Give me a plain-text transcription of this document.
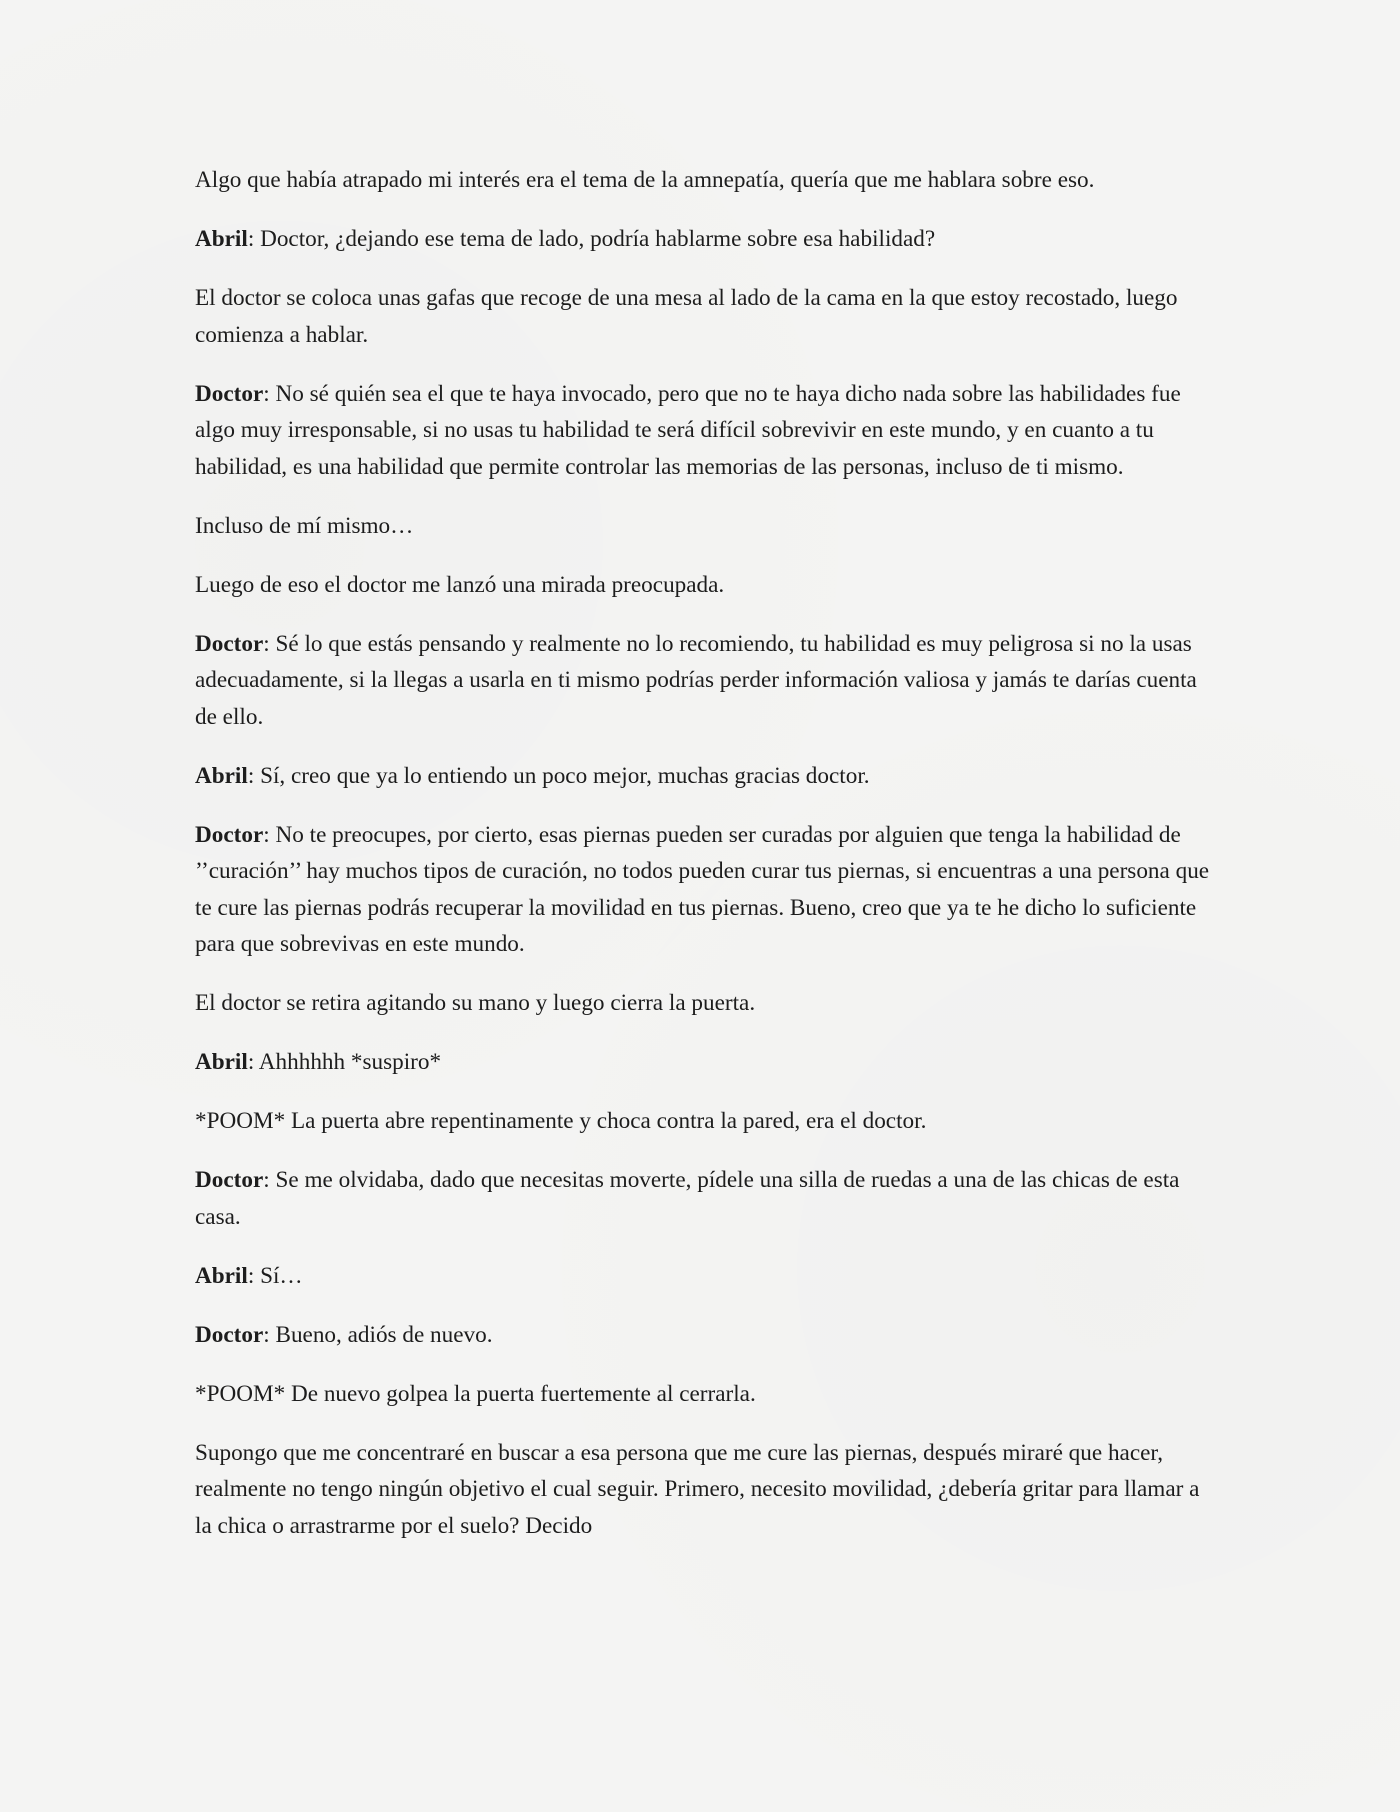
Algo que había atrapado mi interés era el tema de la amnepatía, quería que me hablara sobre eso.

Abril: Doctor, ¿dejando ese tema de lado, podría hablarme sobre esa habilidad?

El doctor se coloca unas gafas que recoge de una mesa al lado de la cama en la que estoy recostado, luego comienza a hablar.

Doctor: No sé quién sea el que te haya invocado, pero que no te haya dicho nada sobre las habilidades fue algo muy irresponsable, si no usas tu habilidad te será difícil sobrevivir en este mundo, y en cuanto a tu habilidad, es una habilidad que permite controlar las memorias de las personas, incluso de ti mismo.

Incluso de mí mismo…

Luego de eso el doctor me lanzó una mirada preocupada.

Doctor: Sé lo que estás pensando y realmente no lo recomiendo, tu habilidad es muy peligrosa si no la usas adecuadamente, si la llegas a usarla en ti mismo podrías perder información valiosa y jamás te darías cuenta de ello.

Abril: Sí, creo que ya lo entiendo un poco mejor, muchas gracias doctor.

Doctor: No te preocupes, por cierto, esas piernas pueden ser curadas por alguien que tenga la habilidad de ’’curación’’ hay muchos tipos de curación, no todos pueden curar tus piernas, si encuentras a una persona que te cure las piernas podrás recuperar la movilidad en tus piernas. Bueno, creo que ya te he dicho lo suficiente para que sobrevivas en este mundo.

El doctor se retira agitando su mano y luego cierra la puerta.

Abril: Ahhhhhh *suspiro*

*POOM* La puerta abre repentinamente y choca contra la pared, era el doctor.

Doctor: Se me olvidaba, dado que necesitas moverte, pídele una silla de ruedas a una de las chicas de esta casa.

Abril: Sí…

Doctor: Bueno, adiós de nuevo.

*POOM* De nuevo golpea la puerta fuertemente al cerrarla.

Supongo que me concentraré en buscar a esa persona que me cure las piernas, después miraré que hacer, realmente no tengo ningún objetivo el cual seguir. Primero, necesito movilidad, ¿debería gritar para llamar a la chica o arrastrarme por el suelo? Decido
